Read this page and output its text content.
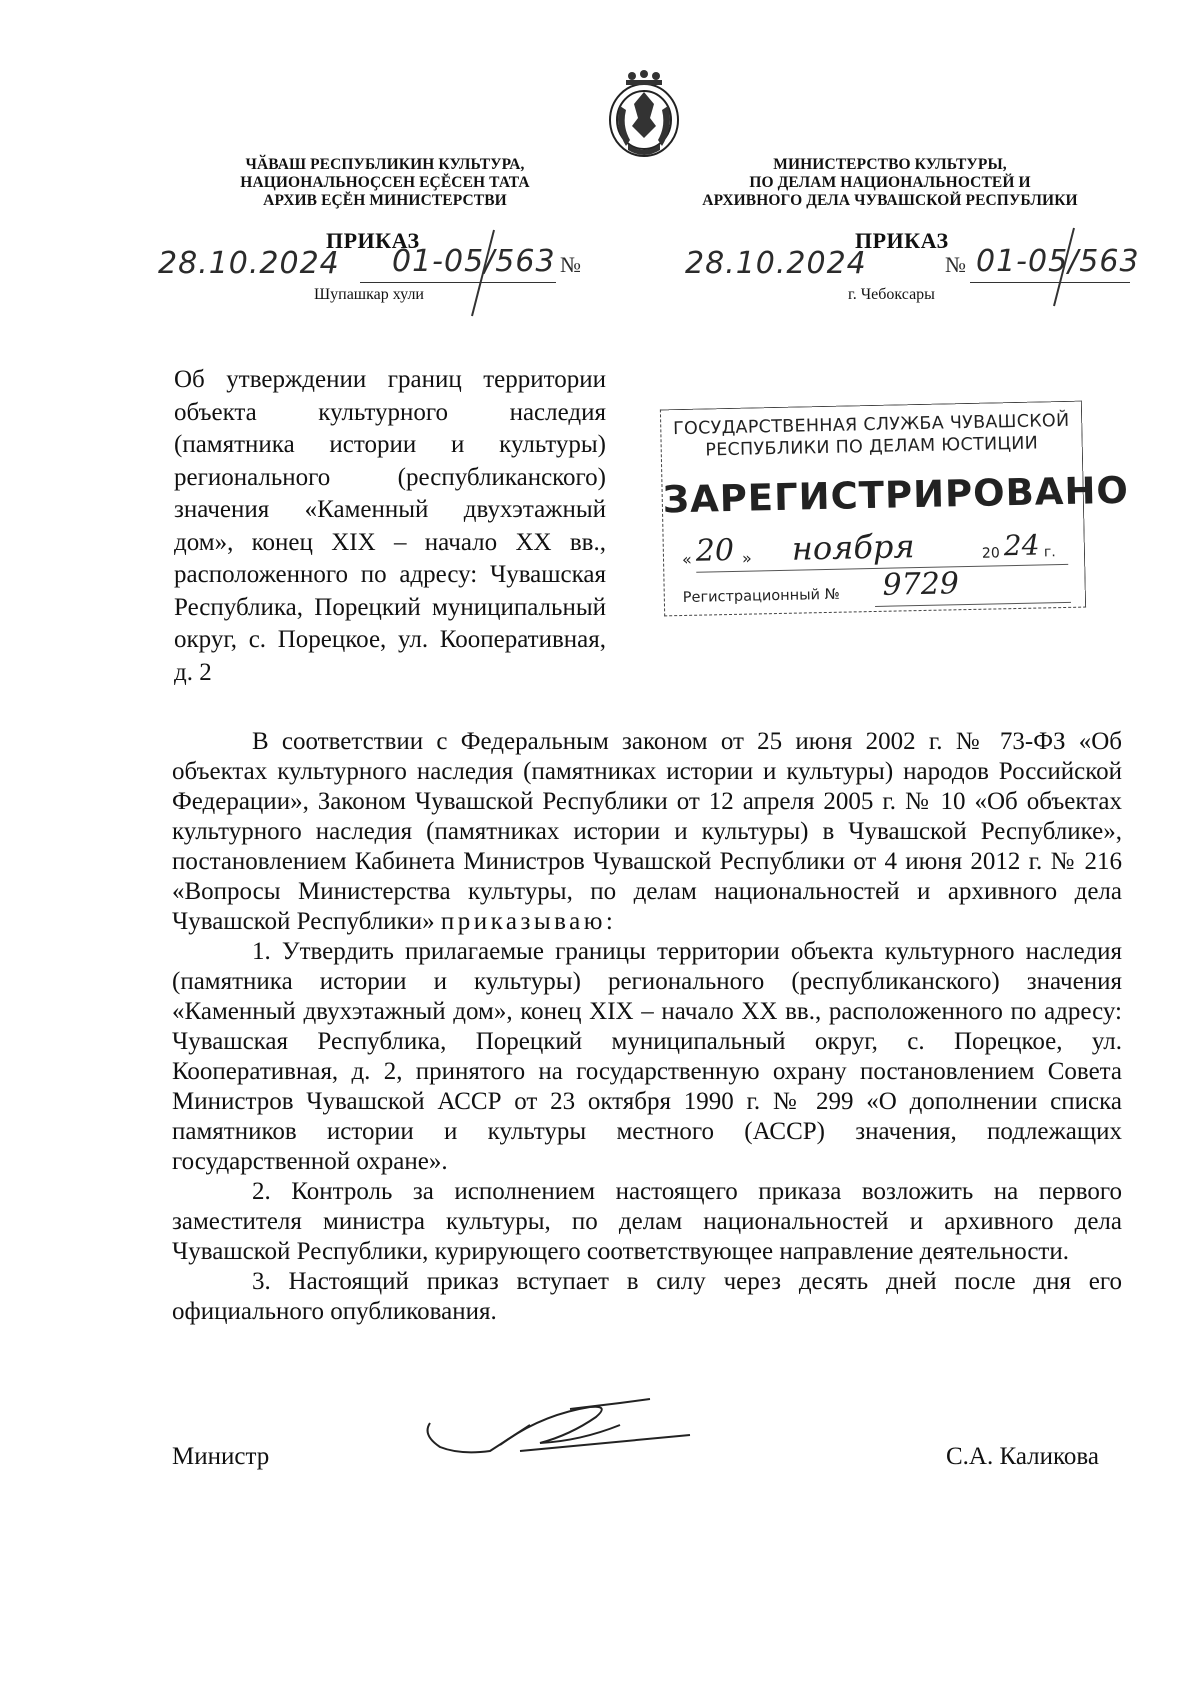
ЧӐВАШ РЕСПУБЛИКИН КУЛЬТУРА,
НАЦИОНАЛЬНОҪСЕН ЕҪĔСЕН ТАТА
АРХИВ ЕҪĔН МИНИСТЕРСТВИ
МИНИСТЕРСТВО КУЛЬТУРЫ,
ПО ДЕЛАМ НАЦИОНАЛЬНОСТЕЙ И
АРХИВНОГО ДЕЛА ЧУВАШСКОЙ РЕСПУБЛИКИ
ПРИКАЗ	ПРИКАЗ
28.10.2024 01-05/563 №	28.10.2024	№ 01-05/563
Шупашкар хули	г. Чебоксары
Об утверждении границ территории объекта культурного наследия (памятника истории и культуры) регионального (республиканского) значения «Каменный двухэтажный дом», конец XIX – начало XX вв., расположенного по адресу: Чувашская Республика, Порецкий муниципальный округ, с. Порецкое, ул. Кооперативная, д. 2
ГОСУДАРСТВЕННАЯ СЛУЖБА ЧУВАШСКОЙ
РЕСПУБЛИКИ ПО ДЕЛАМ ЮСТИЦИИ
ЗАРЕГИСТРИРОВАНО
« 20 » ноября	20 24 г.
Регистрационный № 9729

В соответствии с Федеральным законом от 25 июня 2002 г. № 73-ФЗ «Об объектах культурного наследия (памятниках истории и культуры) народов Российской Федерации», Законом Чувашской Республики от 12 апреля 2005 г. № 10 «Об объектах культурного наследия (памятниках истории и культуры) в Чувашской Республике», постановлением Кабинета Министров Чувашской Республики от 4 июня 2012 г. № 216 «Вопросы Министерства культуры, по делам национальностей и архивного дела Чувашской Республики» приказываю:

1. Утвердить прилагаемые границы территории объекта культурного наследия (памятника истории и культуры) регионального (республиканского) значения «Каменный двухэтажный дом», конец XIX – начало XX вв., расположенного по адресу: Чувашская Республика, Порецкий муниципальный округ, с. Порецкое, ул. Кооперативная, д. 2, принятого на государственную охрану постановлением Совета Министров Чувашской АССР от 23 октября 1990 г. № 299 «О дополнении списка памятников истории и культуры местного (АССР) значения, подлежащих государственной охране».

2. Контроль за исполнением настоящего приказа возложить на первого заместителя министра культуры, по делам национальностей и архивного дела Чувашской Республики, курирующего соответствующее направление деятельности.

3. Настоящий приказ вступает в силу через десять дней после дня его официального опубликования.

Министр	С.А. Каликова
